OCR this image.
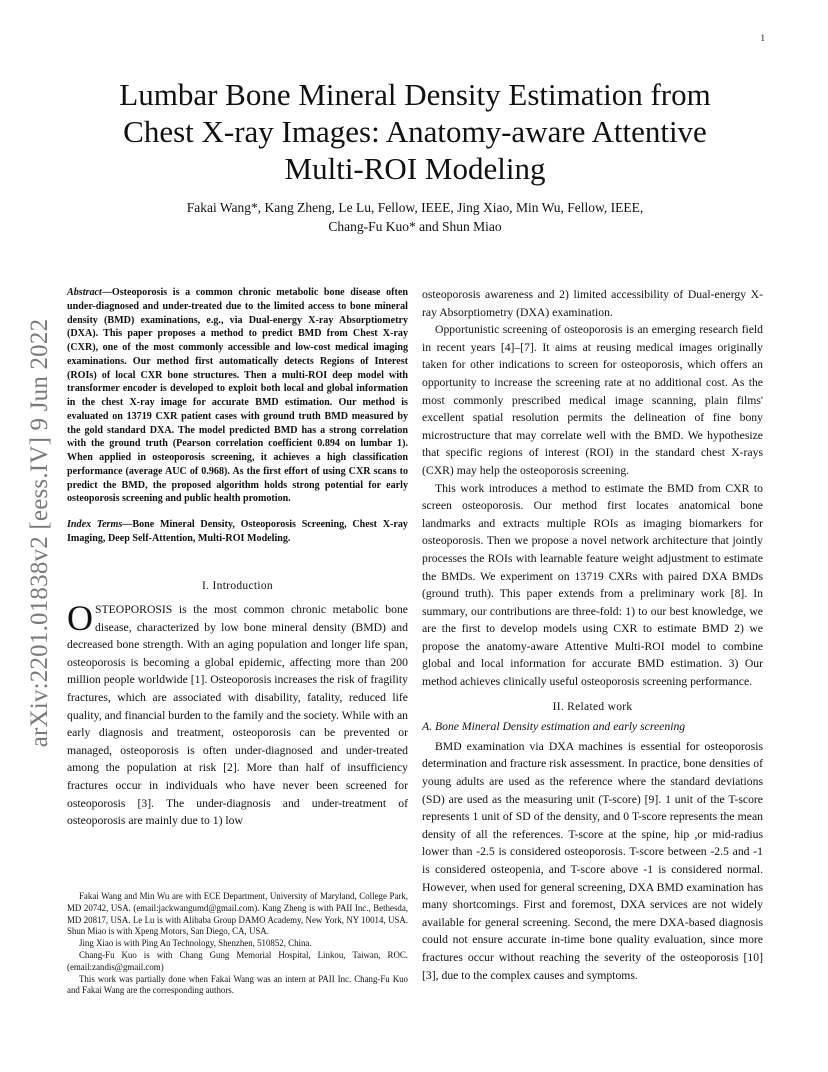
1
arXiv:2201.01838v2 [eess.IV] 9 Jun 2022
Lumbar Bone Mineral Density Estimation from
Chest X-ray Images: Anatomy-aware Attentive
Multi-ROI Modeling
Fakai Wang*, Kang Zheng, Le Lu, Fellow, IEEE, Jing Xiao, Min Wu, Fellow, IEEE,
Chang-Fu Kuo* and Shun Miao

Abstract—Osteoporosis is a common chronic metabolic bone disease often under-diagnosed and under-treated due to the limited access to bone mineral density (BMD) examinations, e.g., via Dual-energy X-ray Absorptiometry (DXA). This paper proposes a method to predict BMD from Chest X-ray (CXR), one of the most commonly accessible and low-cost medical imaging examinations. Our method first automatically detects Regions of Interest (ROIs) of local CXR bone structures. Then a multi-ROI deep model with transformer encoder is developed to exploit both local and global information in the chest X-ray image for accurate BMD estimation. Our method is evaluated on 13719 CXR patient cases with ground truth BMD measured by the gold standard DXA. The model predicted BMD has a strong correlation with the ground truth (Pearson correlation coefficient 0.894 on lumbar 1). When applied in osteoporosis screening, it achieves a high classification performance (average AUC of 0.968). As the first effort of using CXR scans to predict the BMD, the proposed algorithm holds strong potential for early osteoporosis screening and public health promotion.

Index Terms—Bone Mineral Density, Osteoporosis Screening, Chest X-ray Imaging, Deep Self-Attention, Multi-ROI Modeling.

I. Introduction

OSTEOPOROSIS is the most common chronic metabolic bone disease, characterized by low bone mineral density (BMD) and decreased bone strength. With an aging population and longer life span, osteoporosis is becoming a global epidemic, affecting more than 200 million people worldwide [1]. Osteoporosis increases the risk of fragility fractures, which are associated with disability, fatality, reduced life quality, and financial burden to the family and the society. While with an early diagnosis and treatment, osteoporosis can be prevented or managed, osteoporosis is often under-diagnosed and under-treated among the population at risk [2]. More than half of insufficiency fractures occur in individuals who have never been screened for osteoporosis [3]. The under-diagnosis and under-treatment of osteoporosis are mainly due to 1) low

Fakai Wang and Min Wu are with ECE Department, University of Maryland, College Park, MD 20742, USA. (email:jackwangumd@gmail.com). Kang Zheng is with PAII Inc., Bethesda, MD 20817, USA. Le Lu is with Alibaba Group DAMO Academy, New York, NY 10014, USA. Shun Miao is with Xpeng Motors, San Diego, CA, USA.

Jing Xiao is with Ping An Technology, Shenzhen, 510852, China.

Chang-Fu Kuo is with Chang Gung Memorial Hospital, Linkou, Taiwan, ROC. (email:zandis@gmail.com)

This work was partially done when Fakai Wang was an intern at PAII Inc. Chang-Fu Kuo and Fakai Wang are the corresponding authors.

osteoporosis awareness and 2) limited accessibility of Dual-energy X-ray Absorptiometry (DXA) examination.

Opportunistic screening of osteoporosis is an emerging research field in recent years [4]–[7]. It aims at reusing medical images originally taken for other indications to screen for osteoporosis, which offers an opportunity to increase the screening rate at no additional cost. As the most commonly prescribed medical image scanning, plain films' excellent spatial resolution permits the delineation of fine bony microstructure that may correlate well with the BMD. We hypothesize that specific regions of interest (ROI) in the standard chest X-rays (CXR) may help the osteoporosis screening.

This work introduces a method to estimate the BMD from CXR to screen osteoporosis. Our method first locates anatomical bone landmarks and extracts multiple ROIs as imaging biomarkers for osteoporosis. Then we propose a novel network architecture that jointly processes the ROIs with learnable feature weight adjustment to estimate the BMDs. We experiment on 13719 CXRs with paired DXA BMDs (ground truth). This paper extends from a preliminary work [8]. In summary, our contributions are three-fold: 1) to our best knowledge, we are the first to develop models using CXR to estimate BMD 2) we propose the anatomy-aware Attentive Multi-ROI model to combine global and local information for accurate BMD estimation. 3) Our method achieves clinically useful osteoporosis screening performance.

II. Related work
A. Bone Mineral Density estimation and early screening

BMD examination via DXA machines is essential for osteoporosis determination and fracture risk assessment. In practice, bone densities of young adults are used as the reference where the standard deviations (SD) are used as the measuring unit (T-score) [9]. 1 unit of the T-score represents 1 unit of SD of the density, and 0 T-score represents the mean density of all the references. T-score at the spine, hip ,or mid-radius lower than -2.5 is considered osteoporosis. T-score between -2.5 and -1 is considered osteopenia, and T-score above -1 is considered normal. However, when used for general screening, DXA BMD examination has many shortcomings. First and foremost, DXA services are not widely available for general screening. Second, the mere DXA-based diagnosis could not ensure accurate in-time bone quality evaluation, since more fractures occur without reaching the severity of the osteoporosis [10] [3], due to the complex causes and symptoms.
